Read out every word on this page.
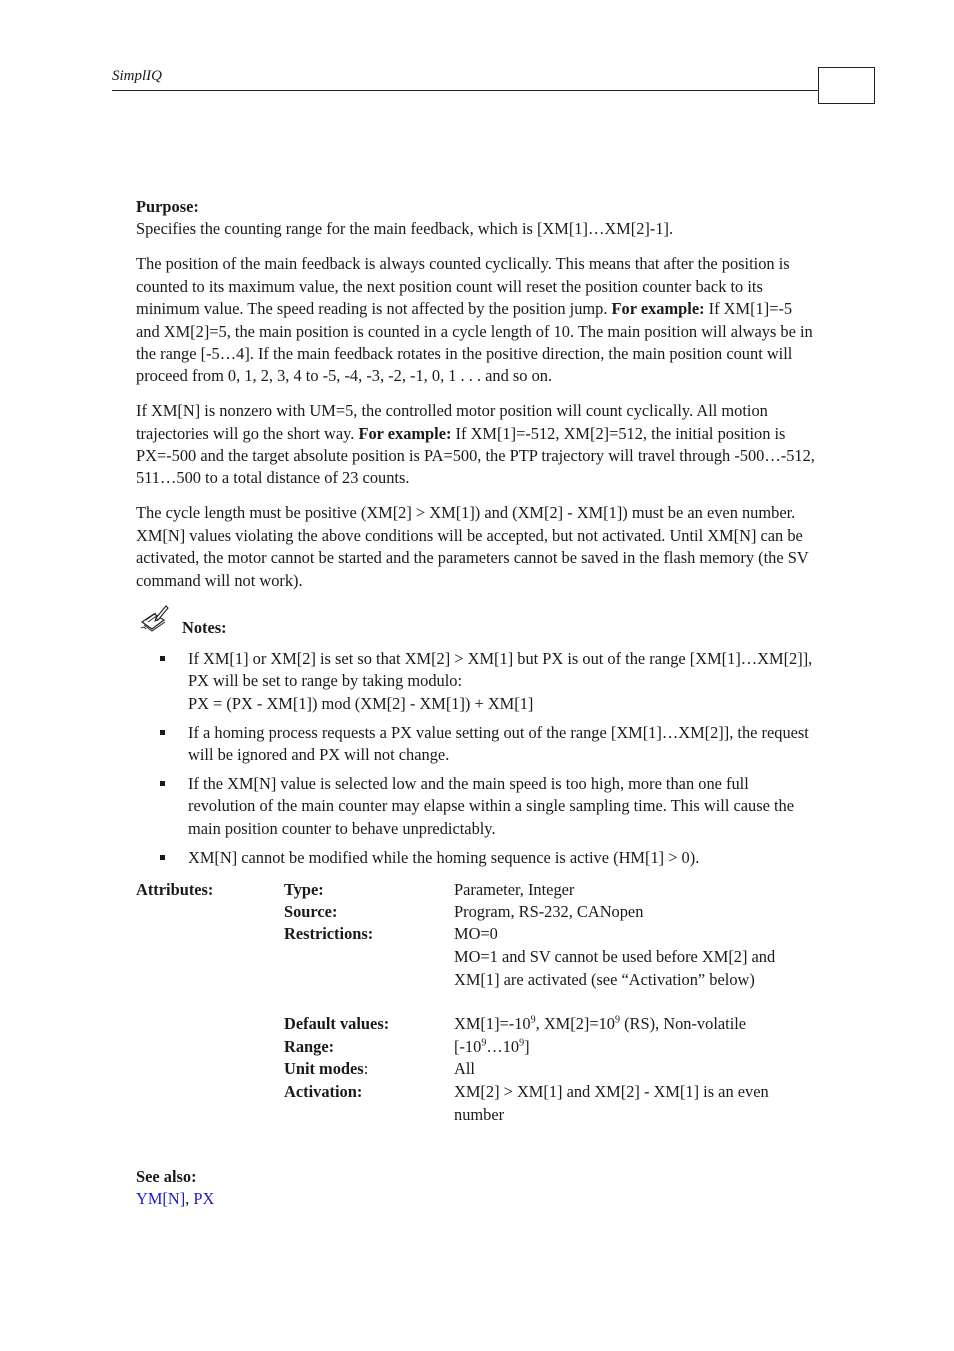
SimplIQ

Purpose:
Specifies the counting range for the main feedback, which is [XM[1]…XM[2]-1].

The position of the main feedback is always counted cyclically. This means that after the position is counted to its maximum value, the next position count will reset the position counter back to its minimum value. The speed reading is not affected by the position jump. For example: If XM[1]=-5 and XM[2]=5, the main position is counted in a cycle length of 10. The main position will always be in the range [-5…4]. If the main feedback rotates in the positive direction, the main position count will proceed from 0, 1, 2, 3, 4 to -5, -4, -3, -2, -1, 0, 1 . . . and so on.

If XM[N] is nonzero with UM=5, the controlled motor position will count cyclically. All motion trajectories will go the short way. For example: If XM[1]=-512, XM[2]=512, the initial position is PX=-500 and the target absolute position is PA=500, the PTP trajectory will travel through -500…-512, 511…500 to a total distance of 23 counts.

The cycle length must be positive (XM[2] > XM[1]) and (XM[2] - XM[1]) must be an even number. XM[N] values violating the above conditions will be accepted, but not activated. Until XM[N] can be activated, the motor cannot be started and the parameters cannot be saved in the flash memory (the SV command will not work).

Notes:
If XM[1] or XM[2] is set so that XM[2] > XM[1] but PX is out of the range [XM[1]…XM[2]], PX will be set to range by taking modulo:
PX = (PX - XM[1]) mod (XM[2] - XM[1]) + XM[1]
If a homing process requests a PX value setting out of the range [XM[1]…XM[2]], the request will be ignored and PX will not change.
If the XM[N] value is selected low and the main speed is too high, more than one full revolution of the main counter may elapse within a single sampling time. This will cause the main position counter to behave unpredictably.
XM[N] cannot be modified while the homing sequence is active (HM[1] > 0).
Attributes:	Type:	Parameter, Integer
Source:	Program, RS-232, CANopen
Restrictions:	MO=0
MO=1 and SV cannot be used before XM[2] and XM[1] are activated (see “Activation” below)
Default values:	$XM[1]=-10^9$, $XM[2]=10^9$ (RS), Non-volatile
Range:	$[-10^9\dots 10^9]$
Unit modes:	All
Activation:	XM[2] > XM[1] and XM[2] - XM[1] is an even number
See also:
YM[N], PX
